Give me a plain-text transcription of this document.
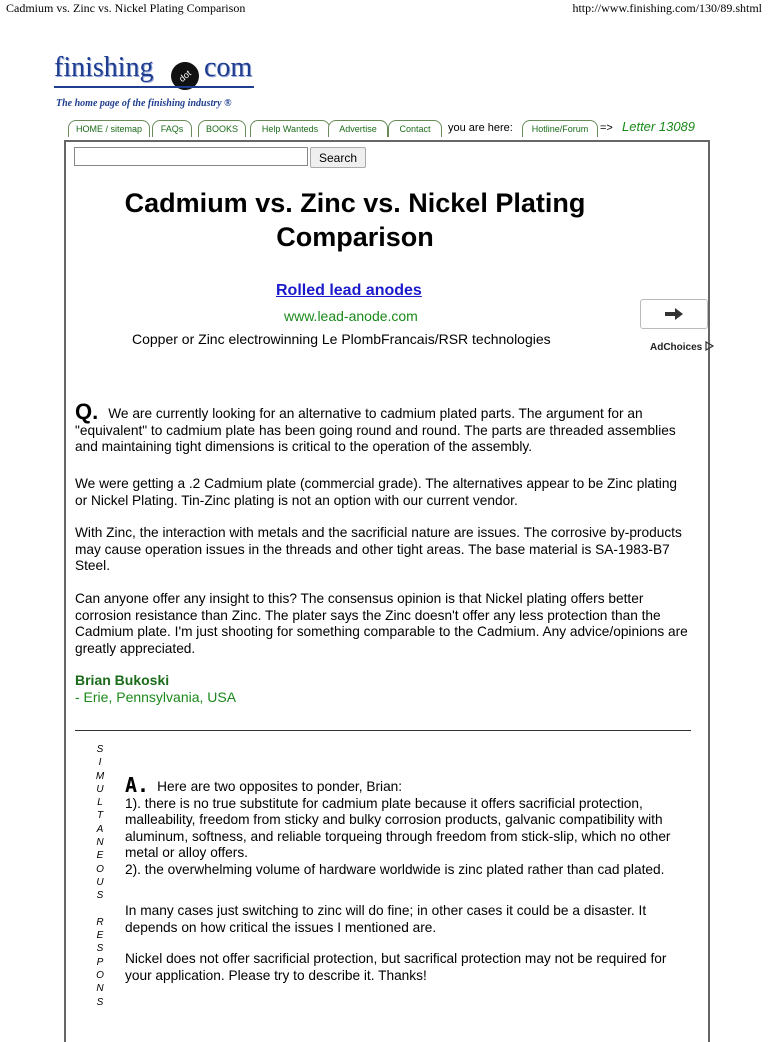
Cadmium vs. Zinc vs. Nickel Plating Comparison	http://www.finishing.com/130/89.shtml
finishing	dot com
The home page of the finishing industry ®
HOME / sitemap	FAQs	BOOKS	Help Wanteds	Advertise	Contact	you are here:	Hotline/Forum	=> Letter 13089
Search
Cadmium vs. Zinc vs. Nickel Plating Comparison
Rolled lead anodes
www.lead-anode.com
Copper or Zinc electrowinning Le PlombFrancais/RSR technologies
AdChoices
Q. We are currently looking for an alternative to cadmium plated parts. The argument for an "equivalent" to cadmium plate has been going round and round. The parts are threaded assemblies and maintaining tight dimensions is critical to the operation of the assembly.
We were getting a .2 Cadmium plate (commercial grade). The alternatives appear to be Zinc plating or Nickel Plating. Tin-Zinc plating is not an option with our current vendor.
With Zinc, the interaction with metals and the sacrificial nature are issues. The corrosive by-products may cause operation issues in the threads and other tight areas. The base material is SA-1983-B7 Steel.
Can anyone offer any insight to this? The consensus opinion is that Nickel plating offers better corrosion resistance than Zinc. The plater says the Zinc doesn't offer any less protection than the Cadmium plate. I'm just shooting for something comparable to the Cadmium. Any advice/opinions are greatly appreciated.
Brian Bukoski
- Erie, Pennsylvania, USA
S
I
M
U
L
T
A
N
E
O
U
S

R
E
S
P
O
N
S
A. Here are two opposites to ponder, Brian:
1). there is no true substitute for cadmium plate because it offers sacrificial protection, malleability, freedom from sticky and bulky corrosion products, galvanic compatibility with aluminum, softness, and reliable torqueing through freedom from stick-slip, which no other metal or alloy offers.
2). the overwhelming volume of hardware worldwide is zinc plated rather than cad plated.
In many cases just switching to zinc will do fine; in other cases it could be a disaster. It depends on how critical the issues I mentioned are.
Nickel does not offer sacrificial protection, but sacrifical protection may not be required for your application. Please try to describe it. Thanks!
